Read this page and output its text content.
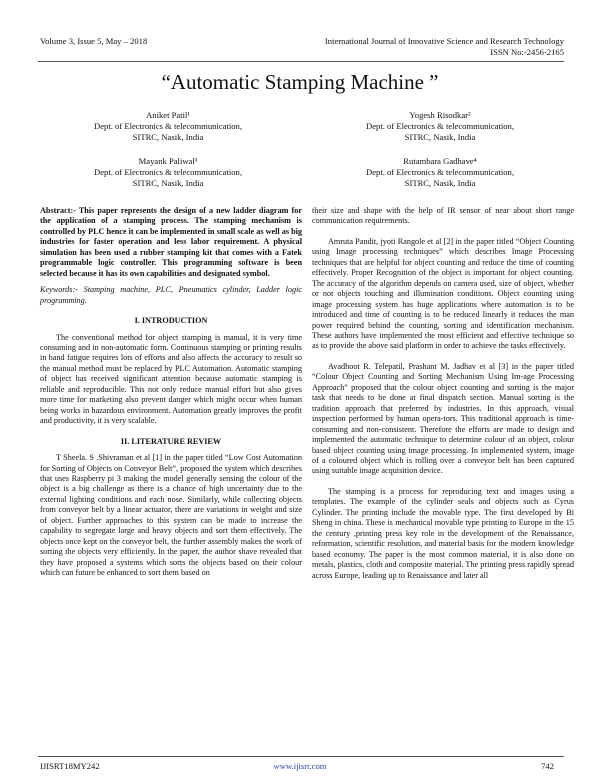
Volume 3, Issue 5, May – 2018	International Journal of Innovative Science and Research Technology
ISSN No:-2456-2165
“Automatic Stamping Machine ”
Aniket Patil¹
Dept. of Electronics & telecommunication,
SITRC, Nasik, India
Yogesh Risodkar²
Dept. of Electronics & telecommunication,
SITRC, Nasik, India
Mayank Paliwal³
Dept. of Electronics & telecommunication,
SITRC, Nasik, India
Rutambara Gadhave⁴
Dept. of Electronics & telecommunication,
SITRC, Nasik, India

Abstract:- This paper represents the design of a new ladder diagram for the application of a stamping process. The stamping mechanism is controlled by PLC hence it can be implemented in small scale as well as big industries for faster operation and less labor requirement. A physical simulation has been used a rubber stamping kit that comes with a Fatek programmable logic controller. This programming software is been selected because it has its own capabilities and designated symbol.

Keywords:- Stamping machine, PLC, Pneumatics cylinder, Ladder logic programming.

I. INTRODUCTION

The conventional method for object stamping is manual, it is very time consuming and in non-automatic form. Continuous stamping or printing results in hand fatigue requires lots of efforts and also affects the accuracy to result so the manual method must be replaced by PLC Automation. Automatic stamping of object has received significant attention because automatic stamping is reliable and reproducible. This not only reduce manual effort but also gives more time for marketing also prevent danger which might occur when human being works in hazardous environment. Automation greatly improves the profit and productivity, it is very scalable.

II. LITERATURE REVIEW

T Sheela. S .Shivraman et al [1] in the paper titled “Low Cost Automation for Sorting of Objects on Conveyor Belt”, proposed the system which describes that uses Raspberry pi 3 making the model generally sensing the colour of the object is a big challenge as there is a chance of high uncertainty due to the external lighting conditions and each nose. Similarly, while collecting objects from conveyor belt by a linear actuator, there are variations in weight and size of object. Further approaches to this system can be made to increase the capability to segregate large and heavy objects and sort them effectively. The objects once kept on the conveyor belt, the further assembly makes the work of sorting the objects very efficiently. In the paper, the author shave revealed that they have proposed a systems which sorts the objects based on their colour which can future be enhanced to sort them based on

their size and shape with the help of IR sensor of near about short range communication requirements.

Amruta Pandit, jyoti Rangole et al [2] in the paper titled “Object Counting using Image processing techniques” which describes Image Processing techniques that are helpful for object counting and reduce the time of counting effectively. Proper Recognition of the object is important for object counting. The accuracy of the algorithm depends on camera used, size of object, whether or not objects touching and illumination conditions. Object counting using image processing system has huge applications where automation is to be introduced and time of counting is to be reduced linearly it reduces the man power required behind the counting, sorting and identification mechanism. These authors have implemented the most efficient and effective technique so as to provide the above said platform in order to achieve the tasks effectively.

Avadhoot R. Telepatil, Prashant M. Jadhav et al [3] in the paper titled “Colour Object Counting and Sorting Mechanism Using Im-age Processing Approach” proposed that the colour object counting and sorting is the major task that needs to be done at final dispatch section. Manual sorting is the tradition approach that preferred by industries. In this approach, visual inspection performed by human opera-tors. This traditional approach is time-consuming and non-consistent. Therefore the efforts are made to design and implemented the automatic technique to determine colour of an object, colour based object counting using image processing. In implemented system, image of a coloured object which is rolling over a conveyor belt has been captured using suitable image acquisition device.

The stamping is a process for reproducing text and images using a templates. The example of the cylinder seals and objects such as Cyrus Cylinder. The printing include the movable type. The first developed by Bi Sheng in china. These is mechanical movable type printing to Europe in the 15 the century ,printing press key role in the development of the Renaissance, reformation, scientific resolution, and material basis for the modern knowledge based economy. The paper is the most common material, it is also done on metals, plastics, cloth and composite material. The printing press rapidly spread across Europe, leading up to Renaissance and later all

IJISRT18MY242	www.ijisrt.com	742
